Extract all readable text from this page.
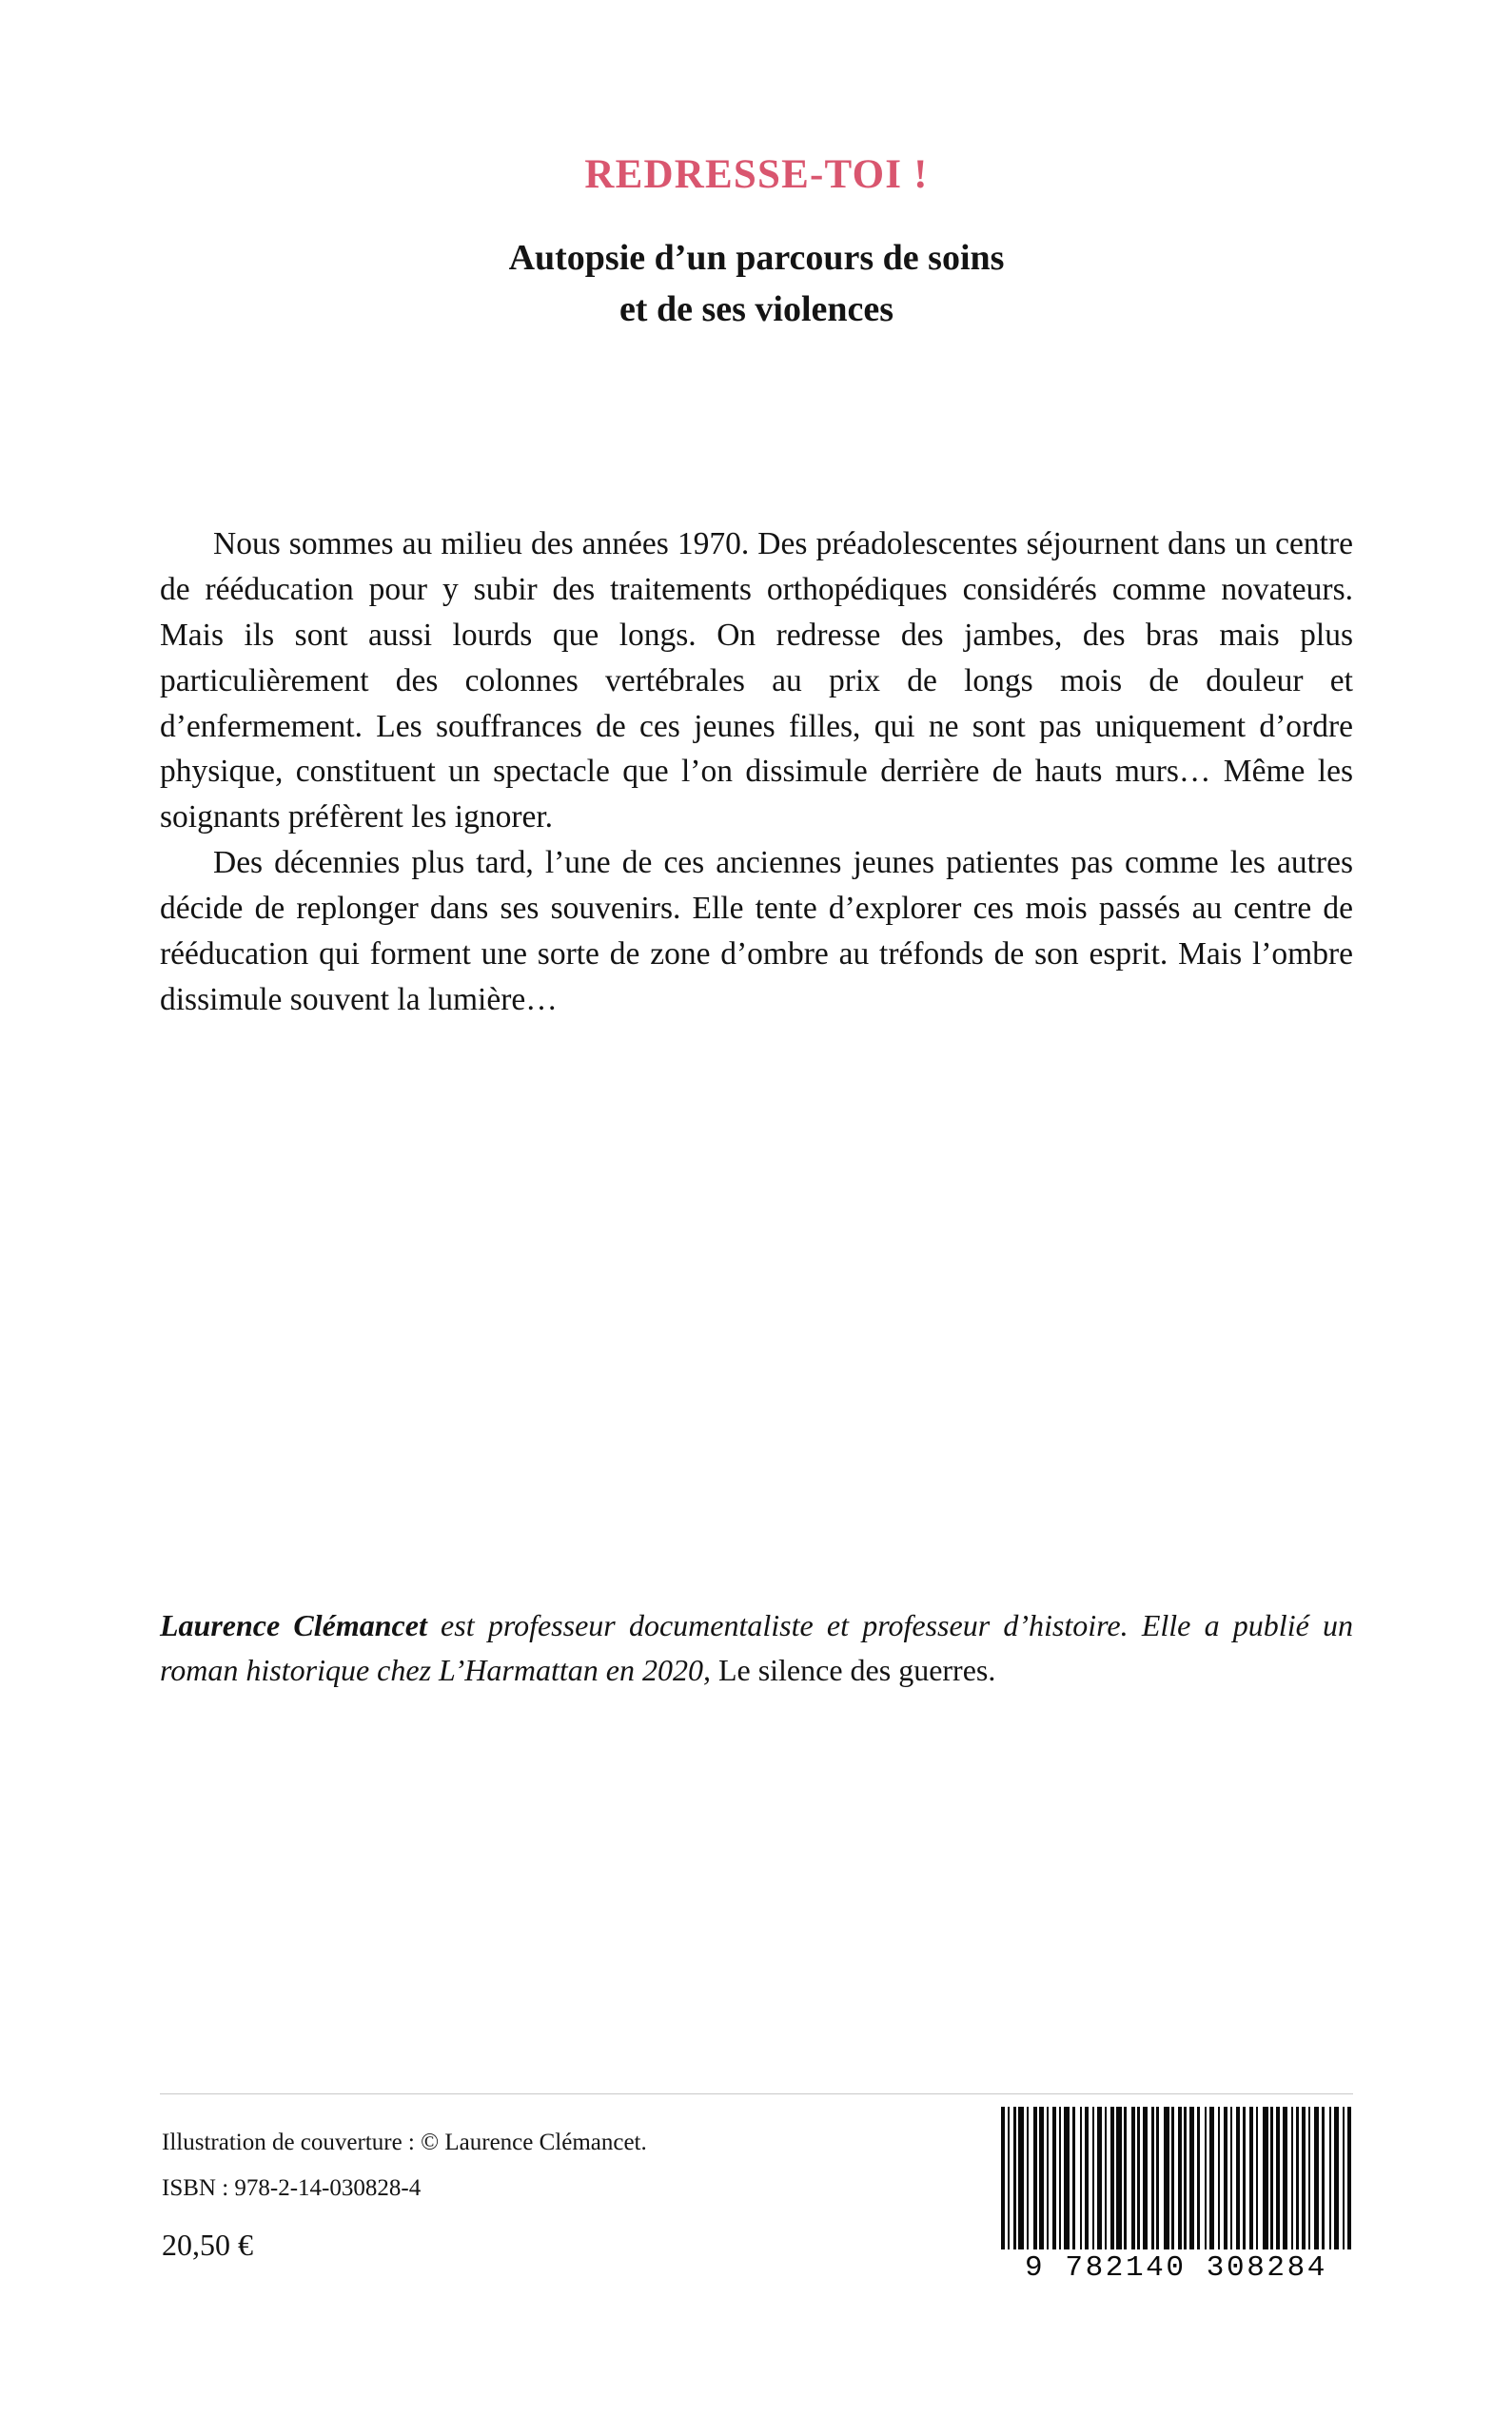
REDRESSE-TOI !
Autopsie d’un parcours de soins
et de ses violences

Nous sommes au milieu des années 1970. Des préadolescentes séjournent dans un centre de rééducation pour y subir des traitements orthopédiques considérés comme novateurs. Mais ils sont aussi lourds que longs. On redresse des jambes, des bras mais plus particulièrement des colonnes vertébrales au prix de longs mois de douleur et d’enfermement. Les souffrances de ces jeunes filles, qui ne sont pas uniquement d’ordre physique, constituent un spectacle que l’on dissimule derrière de hauts murs… Même les soignants préfèrent les ignorer.

Des décennies plus tard, l’une de ces anciennes jeunes patientes pas comme les autres décide de replonger dans ses souvenirs. Elle tente d’explorer ces mois passés au centre de rééducation qui forment une sorte de zone d’ombre au tréfonds de son esprit. Mais l’ombre dissimule souvent la lumière…

Laurence Clémancet est professeur documentaliste et professeur d’histoire. Elle a publié un roman historique chez L’Harmattan en 2020, Le silence des guerres.

Illustration de couverture : © Laurence Clémancet.
ISBN : 978-2-14-030828-4
20,50 €
9 782140 308284
